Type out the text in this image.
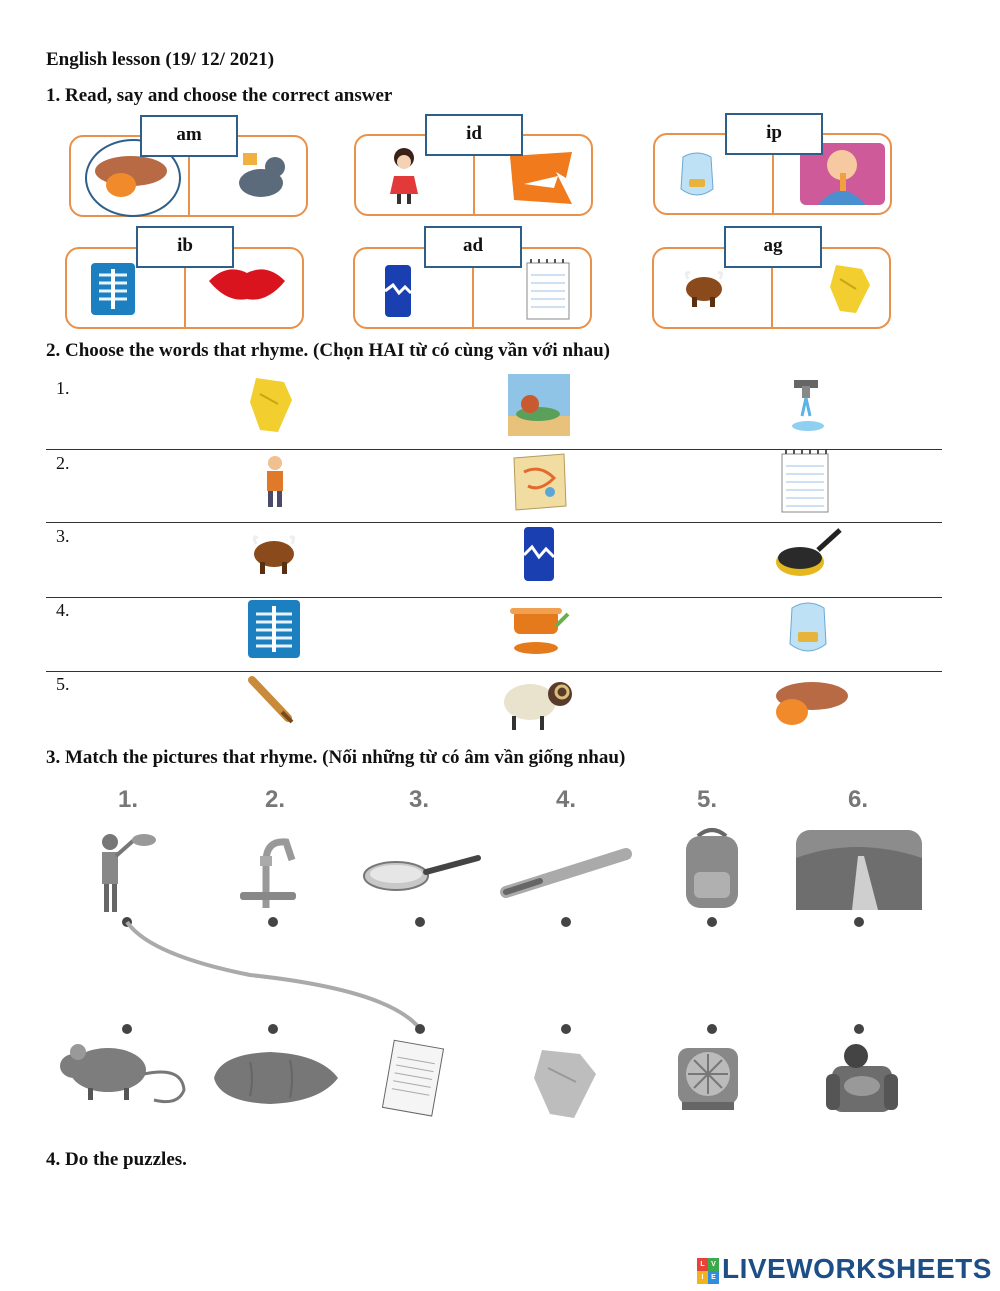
English lesson (19/ 12/ 2021)
1. Read, say and choose the correct answer
am	id	ip
ib	ad	ag
2. Choose the words that rhyme. (Chọn HAI từ có cùng vần với nhau)
1.
2.
3.
4.
5.
3. Match the pictures that rhyme. (Nối những từ có âm vần giống nhau)
1.	2.	3.	4.	5.	6.
4. Do the puzzles.
L
I
V
E LIVEWORKSHEETS
